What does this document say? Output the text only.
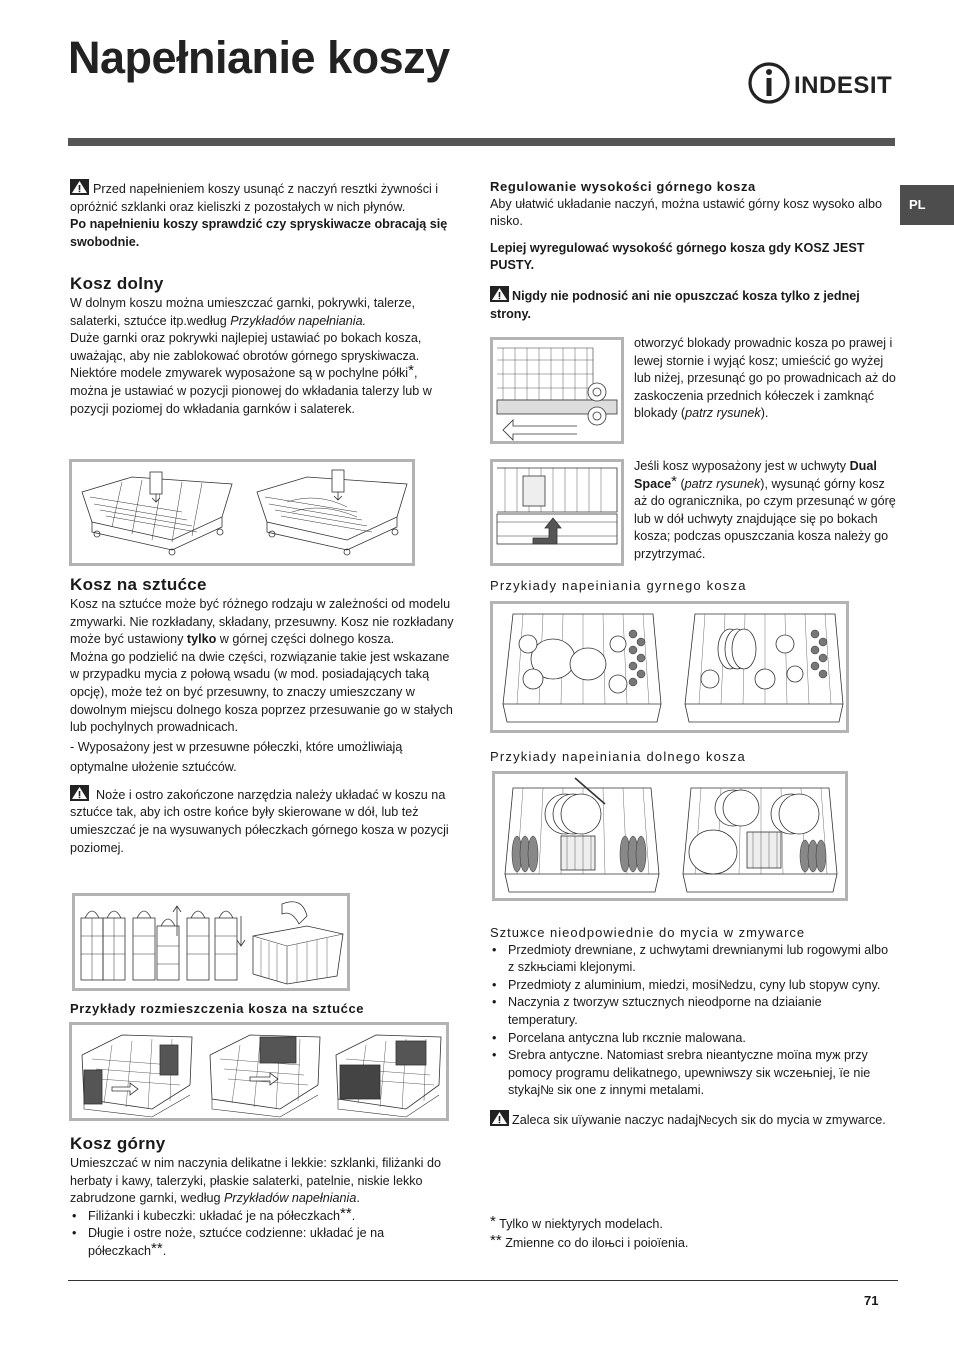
Napełnianie koszy
INDESIT
PL

Przed napełnieniem koszy usunąć z naczyń resztki żywności i opróżnić szklanki oraz kieliszki z pozostałych w nich płynów.

Po napełnieniu koszy sprawdzić czy spryskiwacze obracają się swobodnie.

Kosz dolny

W dolnym koszu można umieszczać garnki, pokrywki, talerze, salaterki, sztućce itp.według Przykładów napełniania.

Duże garnki oraz pokrywki najlepiej ustawiać po bokach kosza, uważając, aby nie zablokować obrotów górnego spryskiwacza.

Niektóre modele zmywarek wyposażone są w pochylne półki*, można je ustawiać w pozycji pionowej do wkładania talerzy lub w pozycji poziomej do wkładania garnków i salaterek.

Kosz na sztućce

Kosz na sztućce może być różnego rodzaju w zależności od modelu zmywarki. Nie rozkładany, składany, przesuwny. Kosz nie rozkładany może być ustawiony tylko w górnej części dolnego kosza.

Można go podzielić na dwie części, rozwiązanie takie jest wskazane w przypadku mycia z połową wsadu (w mod. posiadających taką opcję), może też on być przesuwny, to znaczy umieszczany w dowolnym miejscu dolnego kosza poprzez przesuwanie go w stałych lub pochylnych prowadnicach.

- Wyposażony jest w przesuwne półeczki, które umożliwiają optymalne ułożenie sztućców.

Noże i ostro zakończone narzędzia należy układać w koszu na sztućce tak, aby ich ostre końce były skierowane w dół, lub też umieszczać je na wysuwanych półeczkach górnego kosza w pozycji poziomej.

Przykłady rozmieszczenia kosza na sztućce
Kosz górny

Umieszczać w nim naczynia delikatne i lekkie: szklanki, filiżanki do herbaty i kawy, talerzyki, płaskie salaterki, patelnie, niskie lekko zabrudzone garnki, według Przykładów napełniania.

• Filiżanki i kubeczki: układać je na półeczkach**.
• Długie i ostre noże, sztućce codzienne: układać je na półeczkach**.
Regulowanie wysokości górnego kosza

Aby ułatwić układanie naczyń, można ustawić górny kosz wysoko albo nisko.

Lepiej wyregulować wysokość górnego kosza gdy KOSZ JEST PUSTY.

Nigdy nie podnosić ani nie opuszczać kosza tylko z jednej strony.

otworzyć blokady prowadnic kosza po prawej i lewej stornie i wyjąć kosz; umieścić go wyżej lub niżej, przesunąć go po prowadnicach aż do zaskoczenia przednich kółeczek i zamknąć blokady (patrz rysunek).

Jeśli kosz wyposażony jest w uchwyty Dual Space* (patrz rysunek), wysunąć górny kosz aż do ogranicznika, po czym przesunąć w górę lub w dół uchwyty znajdujące się po bokach kosza; podczas opuszczania kosza należy go przytrzymać.

Przykiady napeiniania gyrnego kosza
Przykiady napeiniania dolnego kosza
Sztuжce nieodpowiednie do mycia w zmywarce
• Przedmioty drewniane, z uchwytami drewnianymi lub rogowymi albo z szkњciami klejonymi.
• Przedmioty z aluminium, miedzi, mosi№dzu, cyny lub stopyw cyny.
• Naczynia z tworzyw sztucznych nieodporne na dziaianie temperatury.
• Porcelana antyczna lub rкcznie malowana.
• Srebra antyczne. Natomiast srebra nieantyczne moїna myж przy pomocy programu delikatnego, upewniwszy siк wczeњniej, їe nie stykaj№ siк one z innymi metalami.

Zaleca siк uїywanie naczyc nadaj№cych siк do mycia w zmywarce.

* Tylko w niektyrych modelach.

** Zmienne co do iloњci i poioїenia.

71
